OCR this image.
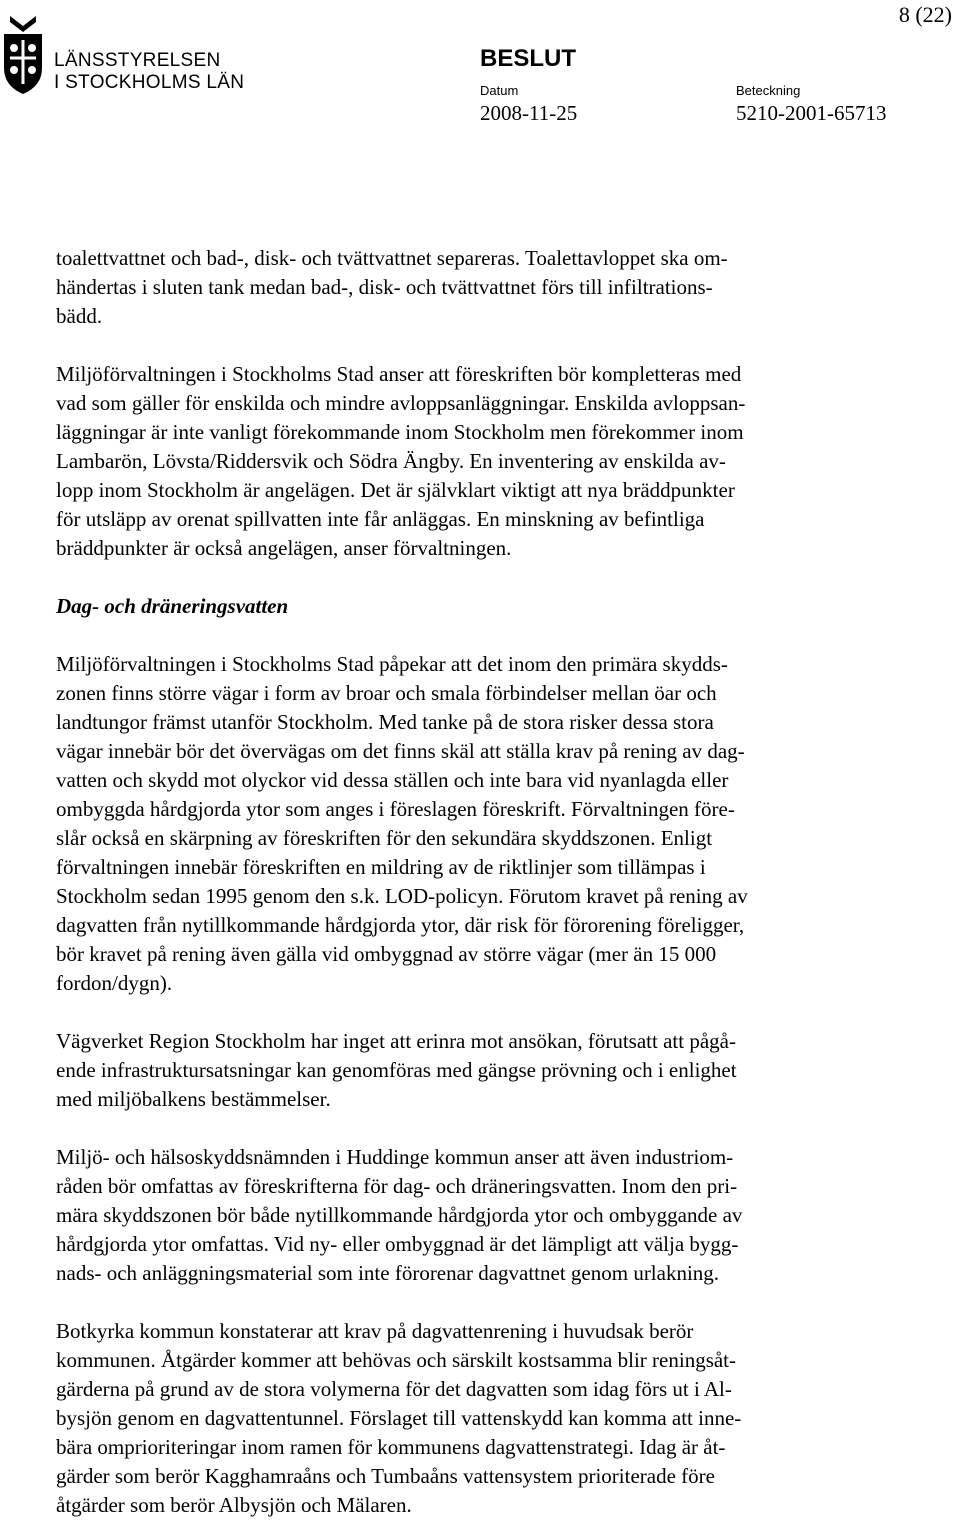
LÄNSSTYRELSEN
I STOCKHOLMS LÄN
8 (22)
BESLUT
Datum	Beteckning
2008-11-25	5210-2001-65713

toalettvattnet och bad-, disk- och tvättvattnet separeras. Toalettavloppet ska om-
händertas i sluten tank medan bad-, disk- och tvättvattnet förs till infiltrations-
bädd.

Miljöförvaltningen i Stockholms Stad anser att föreskriften bör kompletteras med
vad som gäller för enskilda och mindre avloppsanläggningar. Enskilda avloppsan-
läggningar är inte vanligt förekommande inom Stockholm men förekommer inom
Lambarön, Lövsta/Riddersvik och Södra Ängby. En inventering av enskilda av-
lopp inom Stockholm är angelägen. Det är självklart viktigt att nya bräddpunkter
för utsläpp av orenat spillvatten inte får anläggas. En minskning av befintliga
bräddpunkter är också angelägen, anser förvaltningen.

Dag- och dräneringsvatten

Miljöförvaltningen i Stockholms Stad påpekar att det inom den primära skydds-
zonen finns större vägar i form av broar och smala förbindelser mellan öar och
landtungor främst utanför Stockholm. Med tanke på de stora risker dessa stora
vägar innebär bör det övervägas om det finns skäl att ställa krav på rening av dag-
vatten och skydd mot olyckor vid dessa ställen och inte bara vid nyanlagda eller
ombyggda hårdgjorda ytor som anges i föreslagen föreskrift. Förvaltningen före-
slår också en skärpning av föreskriften för den sekundära skyddszonen. Enligt
förvaltningen innebär föreskriften en mildring av de riktlinjer som tillämpas i
Stockholm sedan 1995 genom den s.k. LOD-policyn. Förutom kravet på rening av
dagvatten från nytillkommande hårdgjorda ytor, där risk för förorening föreligger,
bör kravet på rening även gälla vid ombyggnad av större vägar (mer än 15 000
fordon/dygn).

Vägverket Region Stockholm har inget att erinra mot ansökan, förutsatt att pågå-
ende infrastruktursatsningar kan genomföras med gängse prövning och i enlighet
med miljöbalkens bestämmelser.

Miljö- och hälsoskyddsnämnden i Huddinge kommun anser att även industriom-
råden bör omfattas av föreskrifterna för dag- och dräneringsvatten. Inom den pri-
mära skyddszonen bör både nytillkommande hårdgjorda ytor och ombyggande av
hårdgjorda ytor omfattas. Vid ny- eller ombyggnad är det lämpligt att välja bygg-
nads- och anläggningsmaterial som inte förorenar dagvattnet genom urlakning.

Botkyrka kommun konstaterar att krav på dagvattenrening i huvudsak berör
kommunen. Åtgärder kommer att behövas och särskilt kostsamma blir reningsåt-
gärderna på grund av de stora volymerna för det dagvatten som idag förs ut i Al-
bysjön genom en dagvattentunnel. Förslaget till vattenskydd kan komma att inne-
bära omprioriteringar inom ramen för kommunens dagvattenstrategi. Idag är åt-
gärder som berör Kagghamraåns och Tumbaåns vattensystem prioriterade före
åtgärder som berör Albysjön och Mälaren.
